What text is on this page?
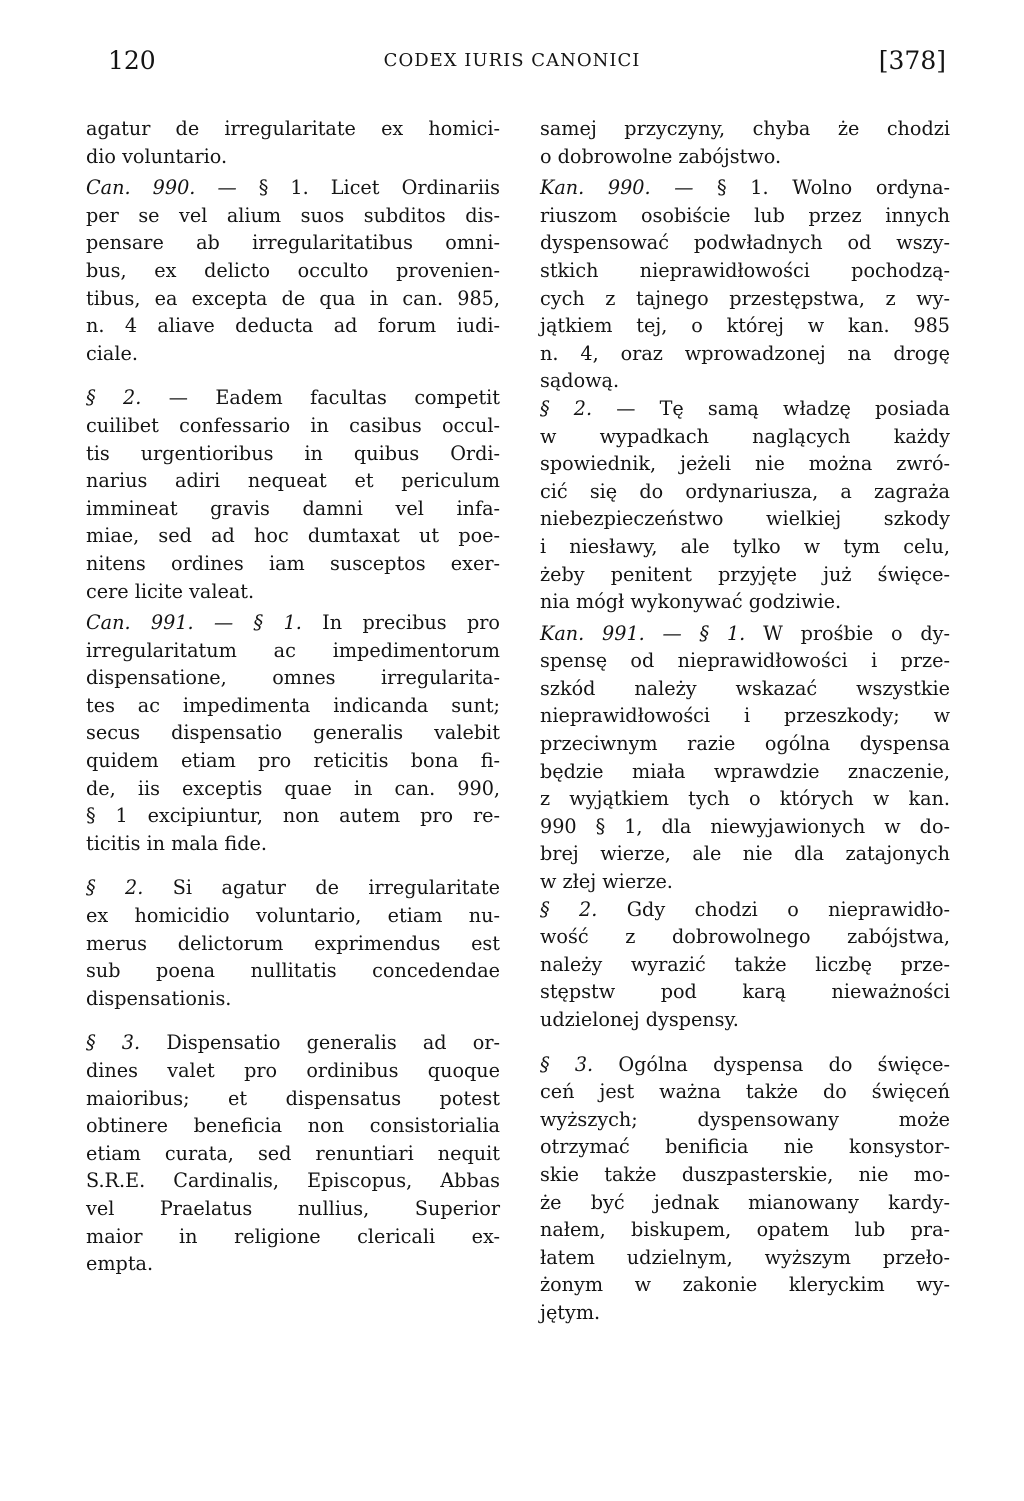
120	CODEX IURIS CANONICI	[378]
agatur de irregularitate ex homici-
dio voluntario.
Can. 990. — § 1. Licet Ordinariis
per se vel alium suos subditos dis-
pensare ab irregularitatibus omni-
bus, ex delicto occulto provenien-
tibus, ea excepta de qua in can. 985,
n. 4 aliave deducta ad forum iudi-
ciale.
§ 2. — Eadem facultas competit
cuilibet confessario in casibus occul-
tis urgentioribus in quibus Ordi-
narius adiri nequeat et periculum
immineat gravis damni vel infa-
miae, sed ad hoc dumtaxat ut poe-
nitens ordines iam susceptos exer-
cere licite valeat.
Can. 991. — § 1. In precibus pro
irregularitatum ac impedimentorum
dispensatione, omnes irregularita-
tes ac impedimenta indicanda sunt;
secus dispensatio generalis valebit
quidem etiam pro reticitis bona fi-
de, iis exceptis quae in can. 990,
§ 1 excipiuntur, non autem pro re-
ticitis in mala fide.
§ 2. Si agatur de irregularitate
ex homicidio voluntario, etiam nu-
merus delictorum exprimendus est
sub poena nullitatis concedendae
dispensationis.
§ 3. Dispensatio generalis ad or-
dines valet pro ordinibus quoque
maioribus; et dispensatus potest
obtinere beneficia non consistorialia
etiam curata, sed renuntiari nequit
S.R.E. Cardinalis, Episcopus, Abbas
vel Praelatus nullius, Superior
maior in religione clericali ex-
empta.
samej przyczyny, chyba że chodzi
o dobrowolne zabójstwo.
Kan. 990. — § 1. Wolno ordyna-
riuszom osobiście lub przez innych
dyspensować podwładnych od wszy-
stkich nieprawidłowości pochodzą-
cych z tajnego przestępstwa, z wy-
jątkiem tej, o której w kan. 985
n. 4, oraz wprowadzonej na drogę
sądową.
§ 2. — Tę samą władzę posiada
w wypadkach naglących każdy
spowiednik, jeżeli nie można zwró-
cić się do ordynariusza, a zagraża
niebezpieczeństwo wielkiej szkody
i niesławy, ale tylko w tym celu,
żeby penitent przyjęte już święce-
nia mógł wykonywać godziwie.
Kan. 991. — § 1. W prośbie o dy-
spensę od nieprawidłowości i prze-
szkód należy wskazać wszystkie
nieprawidłowości i przeszkody; w
przeciwnym razie ogólna dyspensa
będzie miała wprawdzie znaczenie,
z wyjątkiem tych o których w kan.
990 § 1, dla niewyjawionych w do-
brej wierze, ale nie dla zatajonych
w złej wierze.
§ 2. Gdy chodzi o nieprawidło-
wość z dobrowolnego zabójstwa,
należy wyrazić także liczbę prze-
stępstw pod karą nieważności
udzielonej dyspensy.
§ 3. Ogólna dyspensa do święce-
ceń jest ważna także do święceń
wyższych; dyspensowany może
otrzymać benificia nie konsystor-
skie także duszpasterskie, nie mo-
że być jednak mianowany kardy-
nałem, biskupem, opatem lub pra-
łatem udzielnym, wyższym przeło-
żonym w zakonie kleryckim wy-
jętym.
